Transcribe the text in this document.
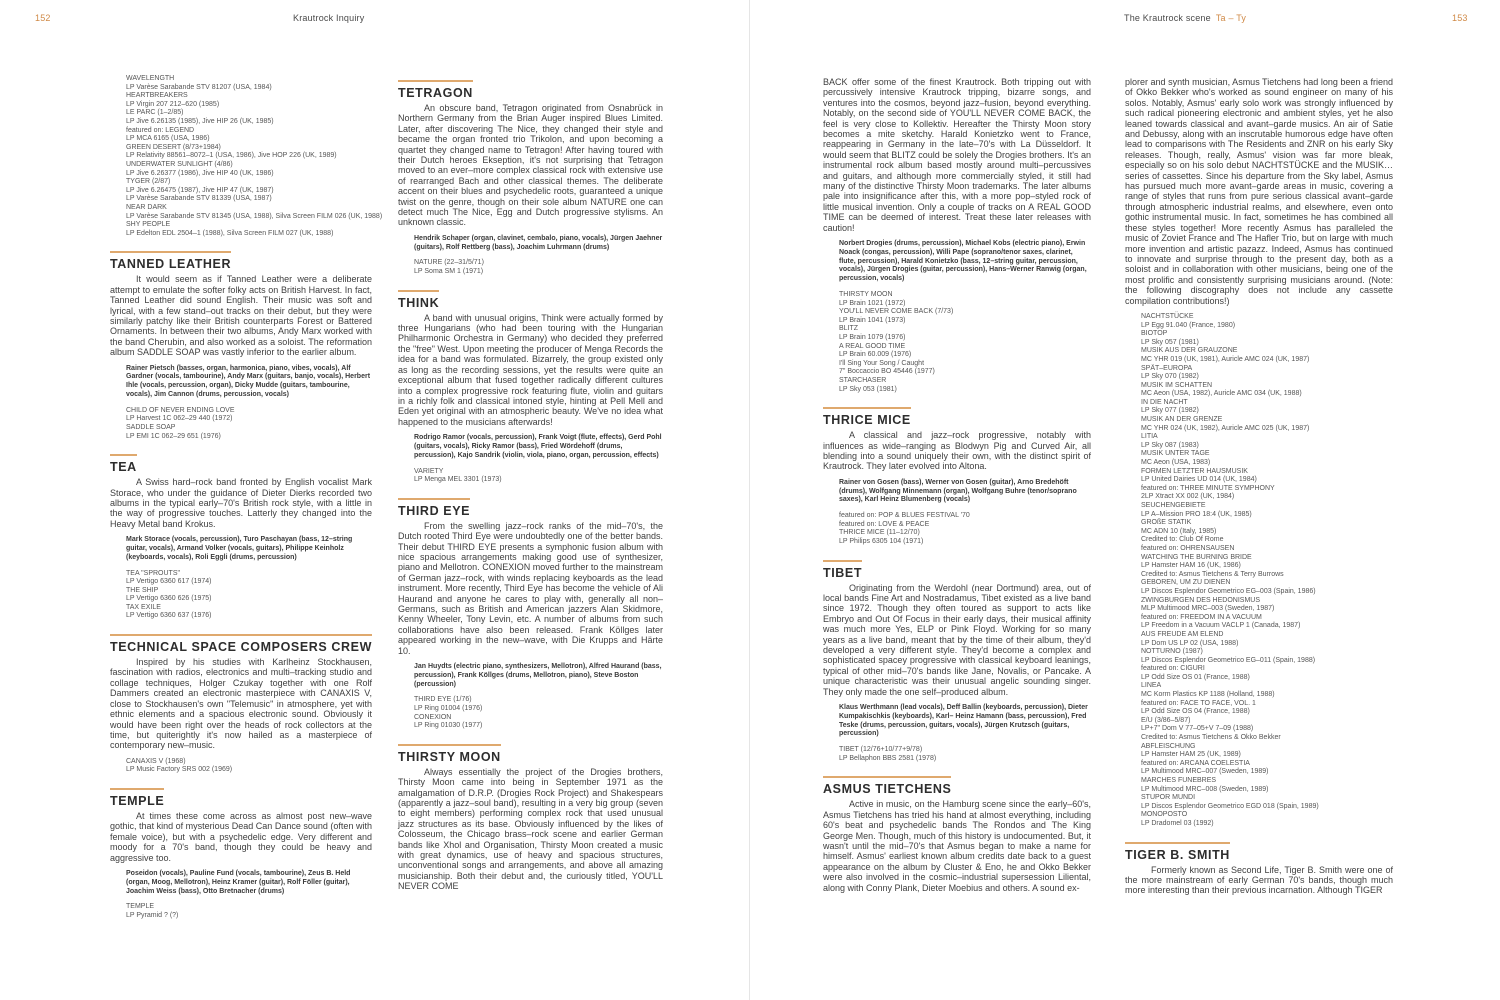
152	Krautrock Inquiry	The Krautrock scene Ta – Ty	153
WAVELENGTH
LP Varèse Sarabande STV 81207 (USA, 1984)
HEARTBREAKERS
LP Virgin 207 212–620 (1985)
LE PARC (1–2/85)
LP Jive 6.26135 (1985), Jive HIP 26 (UK, 1985)
featured on: LEGEND
LP MCA 6165 (USA, 1986)
GREEN DESERT (8/73+1984)
LP Relativity 88561–8072–1 (USA, 1986), Jive HOP 226 (UK, 1989)
UNDERWATER SUNLIGHT (4/86)
LP Jive 6.26377 (1986), Jive HIP 40 (UK, 1986)
TYGER (2/87)
LP Jive 6.26475 (1987), Jive HIP 47 (UK, 1987)
LP Varèse Sarabande STV 81339 (USA, 1987)
NEAR DARK
LP Varèse Sarabande STV 81345 (USA, 1988), Silva Screen FILM 026 (UK, 1988)
SHY PEOPLE
LP Edelton EDL 2504–1 (1988), Silva Screen FILM 027 (UK, 1988)
TANNED LEATHER

It would seem as if Tanned Leather were a deliberate attempt to emulate the softer folky acts on British Harvest. In fact, Tanned Leather did sound English. Their music was soft and lyrical, with a few stand–out tracks on their debut, but they were similarly patchy like their British counterparts Forest or Battered Ornaments. In between their two albums, Andy Marx worked with the band Cherubin, and also worked as a soloist. The reformation album SADDLE SOAP was vastly inferior to the earlier album.

Rainer Pietsch (basses, organ, harmonica, piano, vibes, vocals), Alf Gardner (vocals, tambourine), Andy Marx (guitars, banjo, vocals), Herbert Ihle (vocals, percussion, organ), Dicky Mudde (guitars, tambourine, vocals), Jim Cannon (drums, percussion, vocals)
CHILD OF NEVER ENDING LOVE
LP Harvest 1C 062–29 440 (1972)
SADDLE SOAP
LP EMI 1C 062–29 651 (1976)
TEA

A Swiss hard–rock band fronted by English vocalist Mark Storace, who under the guidance of Dieter Dierks recorded two albums in the typical early–70's British rock style, with a little in the way of progressive touches. Latterly they changed into the Heavy Metal band Krokus.

Mark Storace (vocals, percussion), Turo Paschayan (bass, 12–string guitar, vocals), Armand Volker (vocals, guitars), Philippe Keinholz (keyboards, vocals), Roli Eggli (drums, percussion)
TEA "SPROUTS"
LP Vertigo 6360 617 (1974)
THE SHIP
LP Vertigo 6360 626 (1975)
TAX EXILE
LP Vertigo 6360 637 (1976)
TECHNICAL SPACE COMPOSERS CREW

Inspired by his studies with Karlheinz Stockhausen, fascination with radios, electronics and multi–tracking studio and collage techniques, Holger Czukay together with one Rolf Dammers created an electronic masterpiece with CANAXIS V, close to Stockhausen's own "Telemusic" in atmosphere, yet with ethnic elements and a spacious electronic sound. Obviously it would have been right over the heads of rock collectors at the time, but quiterightly it's now hailed as a masterpiece of contemporary new–music.

CANAXIS V (1968)
LP Music Factory SRS 002 (1969)
TEMPLE

At times these come across as almost post new–wave gothic, that kind of mysterious Dead Can Dance sound (often with female voice), but with a psychedelic edge. Very different and moody for a 70's band, though they could be heavy and aggressive too.

Poseidon (vocals), Pauline Fund (vocals, tambourine), Zeus B. Held (organ, Moog, Mellotron), Heinz Kramer (guitar), Rolf Föller (guitar), Joachim Weiss (bass), Otto Bretnacher (drums)
TEMPLE
LP Pyramid ? (?)
TETRAGON

An obscure band, Tetragon originated from Osnabrück in Northern Germany from the Brian Auger inspired Blues Limited. Later, after discovering The Nice, they changed their style and became the organ fronted trio Trikolon, and upon becoming a quartet they changed name to Tetragon! After having toured with their Dutch heroes Ekseption, it's not surprising that Tetragon moved to an ever–more complex classical rock with extensive use of rearranged Bach and other classical themes. The deliberate accent on their blues and psychedelic roots, guaranteed a unique twist on the genre, though on their sole album NATURE one can detect much The Nice, Egg and Dutch progressive stylisms. An unknown classic.

Hendrik Schaper (organ, clavinet, cembalo, piano, vocals), Jürgen Jaehner (guitars), Rolf Rettberg (bass), Joachim Luhrmann (drums)
NATURE (22–31/5/71)
LP Soma SM 1 (1971)
THINK

A band with unusual origins, Think were actually formed by three Hungarians (who had been touring with the Hungarian Philharmonic Orchestra in Germany) who decided they preferred the "free" West. Upon meeting the producer of Menga Records the idea for a band was formulated. Bizarrely, the group existed only as long as the recording sessions, yet the results were quite an exceptional album that fused together radically different cultures into a complex progressive rock featuring flute, violin and guitars in a richly folk and classical intoned style, hinting at Pell Mell and Eden yet original with an atmospheric beauty. We've no idea what happened to the musicians afterwards!

Rodrigo Ramor (vocals, percussion), Frank Voigt (flute, effects), Gerd Pohl (guitars, vocals), Ricky Ramor (bass), Fried Wördehoff (drums, percussion), Kajo Sandrik (violin, viola, piano, organ, percussion, effects)
VARIETY
LP Menga MEL 3301 (1973)
THIRD EYE

From the swelling jazz–rock ranks of the mid–70's, the Dutch rooted Third Eye were undoubtedly one of the better bands. Their debut THIRD EYE presents a symphonic fusion album with nice spacious arrangements making good use of synthesizer, piano and Mellotron. CONEXION moved further to the mainstream of German jazz–rock, with winds replacing keyboards as the lead instrument. More recently, Third Eye has become the vehicle of Ali Haurand and anyone he cares to play with, generally all non–Germans, such as British and American jazzers Alan Skidmore, Kenny Wheeler, Tony Levin, etc. A number of albums from such collaborations have also been released. Frank Köllges later appeared working in the new–wave, with Die Krupps and Härte 10.

Jan Huydts (electric piano, synthesizers, Mellotron), Alfred Haurand (bass, percussion), Frank Köllges (drums, Mellotron, piano), Steve Boston (percussion)
THIRD EYE (1/76)
LP Ring 01004 (1976)
CONEXION
LP Ring 01030 (1977)
THIRSTY MOON

Always essentially the project of the Drogies brothers, Thirsty Moon came into being in September 1971 as the amalgamation of D.R.P. (Drogies Rock Project) and Shakespears (apparently a jazz–soul band), resulting in a very big group (seven to eight members) performing complex rock that used unusual jazz structures as its base. Obviously influenced by the likes of Colosseum, the Chicago brass–rock scene and earlier German bands like Xhol and Organisation, Thirsty Moon created a music with great dynamics, use of heavy and spacious structures, unconventional songs and arrangements, and above all amazing musicianship. Both their debut and, the curiously titled, YOU'LL NEVER COME

BACK offer some of the finest Krautrock. Both tripping out with percussively intensive Krautrock tripping, bizarre songs, and ventures into the cosmos, beyond jazz–fusion, beyond everything. Notably, on the second side of YOU'LL NEVER COME BACK, the feel is very close to Kollektiv. Hereafter the Thirsty Moon story becomes a mite sketchy. Harald Konietzko went to France, reappearing in Germany in the late–70's with La Düsseldorf. It would seem that BLITZ could be solely the Drogies brothers. It's an instrumental rock album based mostly around multi–percussives and guitars, and although more commercially styled, it still had many of the distinctive Thirsty Moon trademarks. The later albums pale into insignificance after this, with a more pop–styled rock of little musical invention. Only a couple of tracks on A REAL GOOD TIME can be deemed of interest. Treat these later releases with caution!

Norbert Drogies (drums, percussion), Michael Kobs (electric piano), Erwin Noack (congas, percussion), Willi Pape (soprano/tenor saxes, clarinet, flute, percussion), Harald Konietzko (bass, 12–string guitar, percussion, vocals), Jürgen Drogies (guitar, percussion), Hans–Werner Ranwig (organ, percussion, vocals)
THIRSTY MOON
LP Brain 1021 (1972)
YOU'LL NEVER COME BACK (7/73)
LP Brain 1041 (1973)
BLITZ
LP Brain 1079 (1976)
A REAL GOOD TIME
LP Brain 60.009 (1976)
I'll Sing Your Song / Caught
7" Boccaccio BO 45446 (1977)
STARCHASER
LP Sky 053 (1981)
THRICE MICE

A classical and jazz–rock progressive, notably with influences as wide–ranging as Blodwyn Pig and Curved Air, all blending into a sound uniquely their own, with the distinct spirit of Krautrock. They later evolved into Altona.

Rainer von Gosen (bass), Werner von Gosen (guitar), Arno Bredehöft (drums), Wolfgang Minnemann (organ), Wolfgang Buhre (tenor/soprano saxes), Karl Heinz Blumenberg (vocals)
featured on: POP & BLUES FESTIVAL '70
featured on: LOVE & PEACE
THRICE MICE (11–12/70)
LP Philips 6305 104 (1971)
TIBET

Originating from the Werdohl (near Dortmund) area, out of local bands Fine Art and Nostradamus, Tibet existed as a live band since 1972. Though they often toured as support to acts like Embryo and Out Of Focus in their early days, their musical affinity was much more Yes, ELP or Pink Floyd. Working for so many years as a live band, meant that by the time of their album, they'd developed a very different style. They'd become a complex and sophisticated spacey progressive with classical keyboard leanings, typical of other mid–70's bands like Jane, Novalis, or Pancake. A unique characteristic was their unusual angelic sounding singer. They only made the one self–produced album.

Klaus Werthmann (lead vocals), Deff Ballin (keyboards, percussion), Dieter Kumpakischkis (keyboards), Karl– Heinz Hamann (bass, percussion), Fred Teske (drums, percussion, guitars, vocals), Jürgen Krutzsch (guitars, percussion)
TIBET (12/76+10/77+9/78)
LP Bellaphon BBS 2581 (1978)
ASMUS TIETCHENS

Active in music, on the Hamburg scene since the early–60's, Asmus Tietchens has tried his hand at almost everything, including 60's beat and psychedelic bands The Rondos and The King George Men. Though, much of this history is undocumented. But, it wasn't until the mid–70's that Asmus began to make a name for himself. Asmus' earliest known album credits date back to a guest appearance on the album by Cluster & Eno, he and Okko Bekker were also involved in the cosmic–industrial supersession Liliental, along with Conny Plank, Dieter Moebius and others. A sound ex-

plorer and synth musician, Asmus Tietchens had long been a friend of Okko Bekker who's worked as sound engineer on many of his solos. Notably, Asmus' early solo work was strongly influenced by such radical pioneering electronic and ambient styles, yet he also leaned towards classical and avant–garde musics. An air of Satie and Debussy, along with an inscrutable humorous edge have often lead to comparisons with The Residents and ZNR on his early Sky releases. Though, really, Asmus' vision was far more bleak, especially so on his solo debut NACHTSTÜCKE and the MUSIK… series of cassettes. Since his departure from the Sky label, Asmus has pursued much more avant–garde areas in music, covering a range of styles that runs from pure serious classical avant–garde through atmospheric industrial realms, and elsewhere, even onto gothic instrumental music. In fact, sometimes he has combined all these styles together! More recently Asmus has paralleled the music of Zoviet France and The Hafler Trio, but on large with much more invention and artistic pazazz. Indeed, Asmus has continued to innovate and surprise through to the present day, both as a soloist and in collaboration with other musicians, being one of the most prolific and consistently surprising musicians around. (Note: the following discography does not include any cassette compilation contributions!)

NACHTSTÜCKE
LP Egg 91.040 (France, 1980)
BIOTOP
LP Sky 057 (1981)
MUSIK AUS DER GRAUZONE
MC YHR 019 (UK, 1981), Auricle AMC 024 (UK, 1987)
SPÄT–EUROPA
LP Sky 070 (1982)
MUSIK IM SCHATTEN
MC Aeon (USA, 1982), Auricle AMC 034 (UK, 1988)
IN DIE NACHT
LP Sky 077 (1982)
MUSIK AN DER GRENZE
MC YHR 024 (UK, 1982), Auricle AMC 025 (UK, 1987)
LITIA
LP Sky 087 (1983)
MUSIK UNTER TAGE
MC Aeon (USA, 1983)
FORMEN LETZTER HAUSMUSIK
LP United Dairies UD 014 (UK, 1984)
featured on: THREE MINUTE SYMPHONY
2LP Xtract XX 002 (UK, 1984)
SEUCHENGEBIETE
LP A–Mission PRO 18:4 (UK, 1985)
GROßE STATIK
MC ADN 10 (Italy, 1985)
Credited to: Club Of Rome
featured on: OHRENSAUSEN
WATCHING THE BURNING BRIDE
LP Hamster HAM 16 (UK, 1986)
Credited to: Asmus Tietchens & Terry Burrows
GEBOREN, UM ZU DIENEN
LP Discos Esplendor Geometrico EG–003 (Spain, 1986)
ZWINGBURGEN DES HEDONISMUS
MLP Multimood MRC–003 (Sweden, 1987)
featured on: FREEDOM IN A VACUUM
LP Freedom in a Vacuum VACLP 1 (Canada, 1987)
AUS FREUDE AM ELEND
LP Dom US LP 02 (USA, 1988)
NOTTURNO (1987)
LP Discos Esplendor Geometrico EG–011 (Spain, 1988)
featured on: CIGURI
LP Odd Size OS 01 (France, 1988)
LINEA
MC Korm Plastics KP 1188 (Holland, 1988)
featured on: FACE TO FACE, VOL. 1
LP Odd Size OS 04 (France, 1988)
E/U (3/86–5/87)
LP+7" Dom V 77–05+V 7–09 (1988)
Credited to: Asmus Tietchens & Okko Bekker
ABFLEISCHUNG
LP Hamster HAM 25 (UK, 1989)
featured on: ARCANA COELESTIA
LP Multimood MRC–007 (Sweden, 1989)
MARCHES FUNEBRES
LP Multimood MRC–008 (Sweden, 1989)
STUPOR MUNDI
LP Discos Esplendor Geometrico EGD 018 (Spain, 1989)
MONOPOSTO
LP Dradomel 03 (1992)
TIGER B. SMITH

Formerly known as Second Life, Tiger B. Smith were one of the more mainstream of early German 70's bands, though much more interesting than their previous incarnation. Although TIGER
